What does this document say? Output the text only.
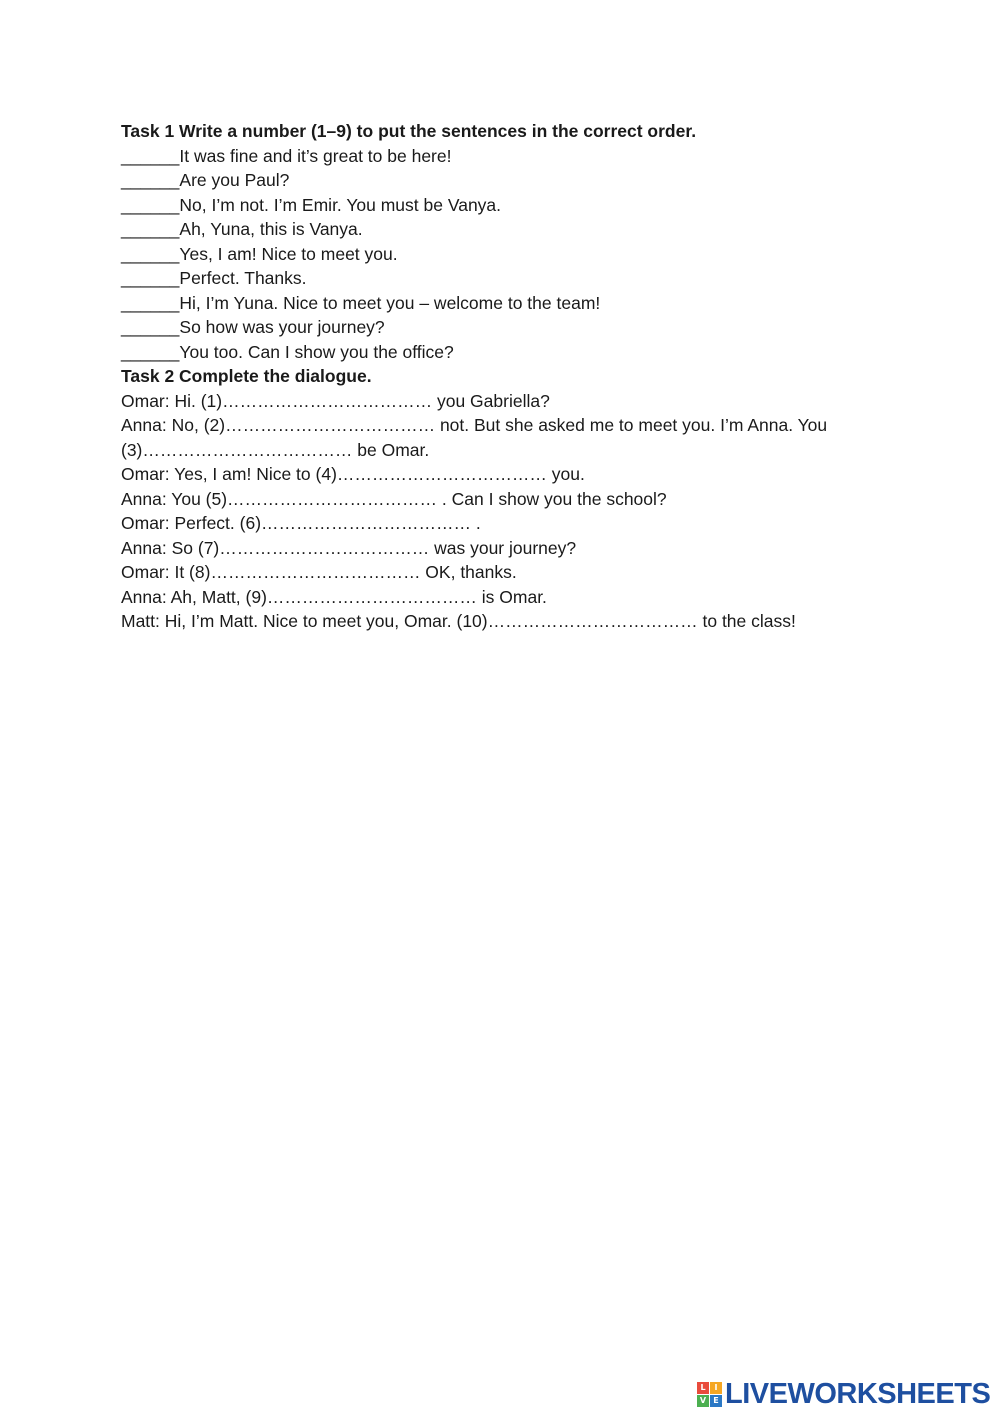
Task 1 Write a number (1–9) to put the sentences in the correct order.
______It was fine and it’s great to be here!
______Are you Paul?
______No, I’m not. I’m Emir. You must be Vanya.
______Ah, Yuna, this is Vanya.
______Yes, I am! Nice to meet you.
______Perfect. Thanks.
______Hi, I’m Yuna. Nice to meet you – welcome to the team!
______So how was your journey?
______You too. Can I show you the office?
Task 2 Complete the dialogue.
Omar: Hi. (1)……………………………… you Gabriella?
Anna: No, (2)……………………………… not. But she asked me to meet you. I’m Anna. You (3)……………………………… be Omar.
Omar: Yes, I am! Nice to (4)……………………………… you.
Anna: You (5)……………………………… . Can I show you the school?
Omar: Perfect. (6)……………………………… .
Anna: So (7)……………………………… was your journey?
Omar: It (8)……………………………… OK, thanks.
Anna: Ah, Matt, (9)……………………………… is Omar.
Matt: Hi, I’m Matt. Nice to meet you, Omar. (10)……………………………… to the class!
L	I
V E LIVEWORKSHEETS
